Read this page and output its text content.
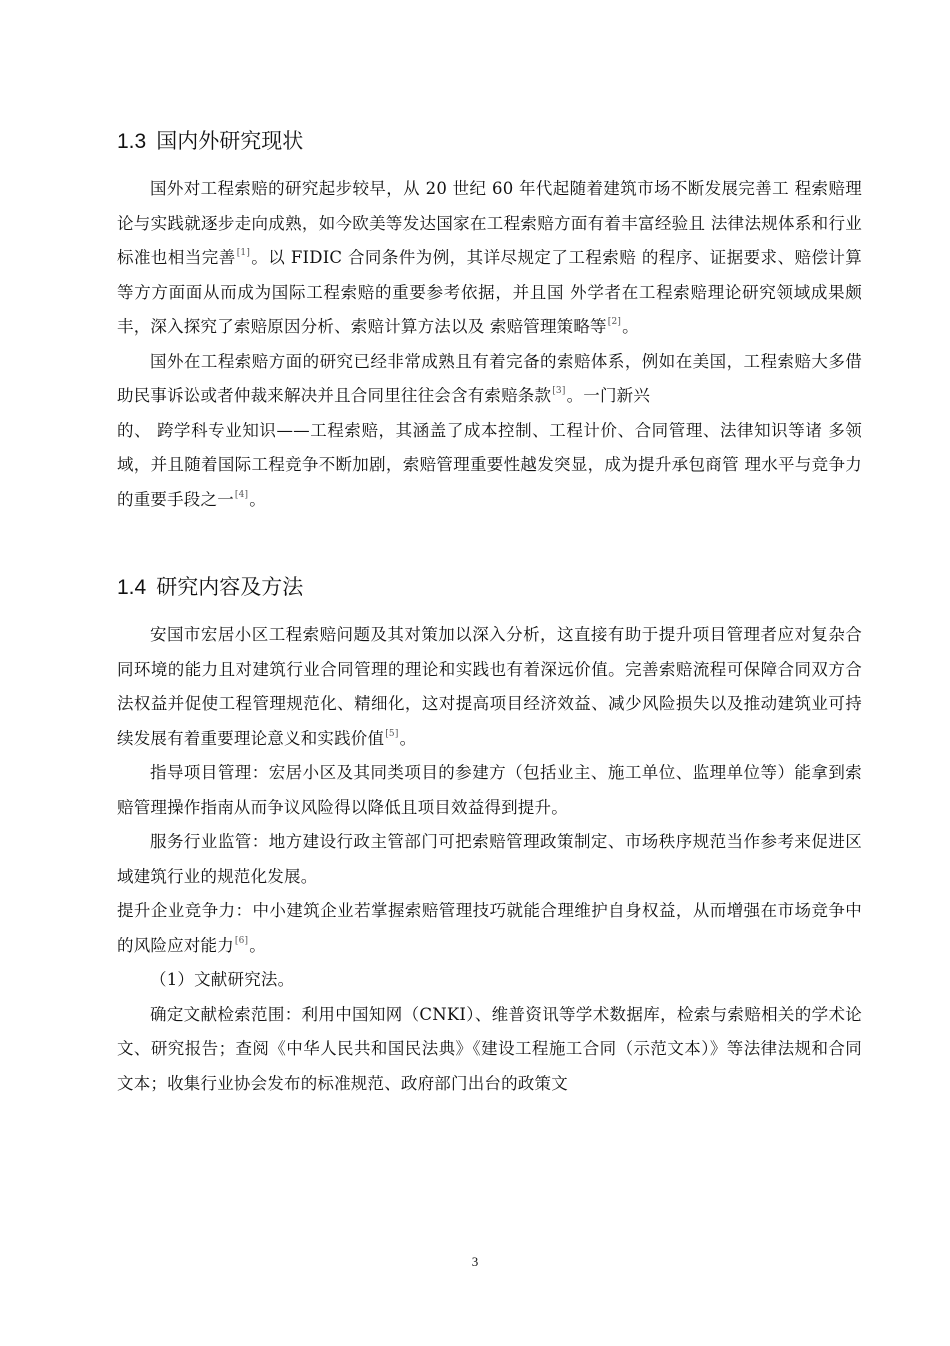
1.3 国内外研究现状

国外对工程索赔的研究起步较早，从 20 世纪 60 年代起随着建筑市场不断发展完善工 程索赔理论与实践就逐步走向成熟，如今欧美等发达国家在工程索赔方面有着丰富经验且 法律法规体系和行业标准也相当完善[1]。以 FIDIC 合同条件为例，其详尽规定了工程索赔 的程序、证据要求、赔偿计算等方方面面从而成为国际工程索赔的重要参考依据，并且国 外学者在工程索赔理论研究领域成果颇丰，深入探究了索赔原因分析、索赔计算方法以及 索赔管理策略等[2]。

国外在工程索赔方面的研究已经非常成熟且有着完备的索赔体系，例如在美国，工程索赔大多借助民事诉讼或者仲裁来解决并且合同里往往会含有索赔条款[3]。一门新兴
的、 跨学科专业知识——工程索赔，其涵盖了成本控制、工程计价、合同管理、法律知识等诸 多领域，并且随着国际工程竞争不断加剧，索赔管理重要性越发突显，成为提升承包商管 理水平与竞争力的重要手段之一[4]。

1.4 研究内容及方法

安国市宏居小区工程索赔问题及其对策加以深入分析，这直接有助于提升项目管理者应对复杂合同环境的能力且对建筑行业合同管理的理论和实践也有着深远价值。完善索赔流程可保障合同双方合法权益并促使工程管理规范化、精细化，这对提高项目经济效益、减少风险损失以及推动建筑业可持续发展有着重要理论意义和实践价值[5]。

指导项目管理：宏居小区及其同类项目的参建方（包括业主、施工单位、监理单位等）能拿到索赔管理操作指南从而争议风险得以降低且项目效益得到提升。

服务行业监管：地方建设行政主管部门可把索赔管理政策制定、市场秩序规范当作参考来促进区域建筑行业的规范化发展。

提升企业竞争力：中小建筑企业若掌握索赔管理技巧就能合理维护自身权益，从而增强在市场竞争中的风险应对能力[6]。

（1）文献研究法。

确定文献检索范围：利用中国知网（CNKI）、维普资讯等学术数据库，检索与索赔相关的学术论文、研究报告；查阅《中华人民共和国民法典》《建设工程施工合同（示范文本）》等法律法规和合同文本；收集行业协会发布的标准规范、政府部门出台的政策文

3
